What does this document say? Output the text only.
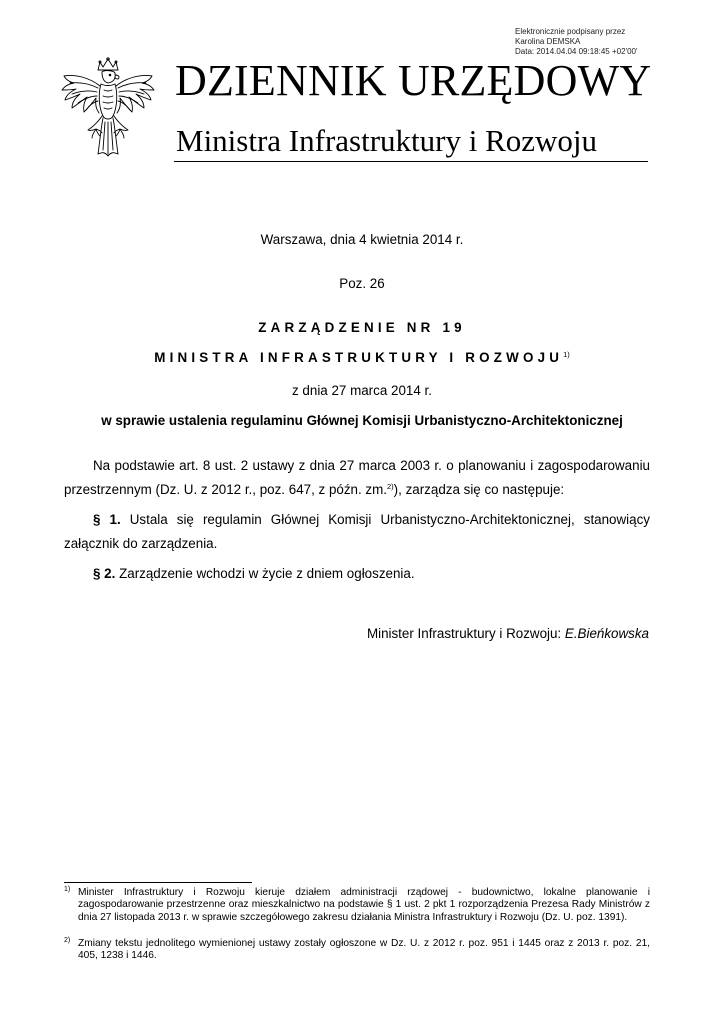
Elektronicznie podpisany przez
Karolina DEMSKA
Data: 2014.04.04 09:18:45 +02'00'
DZIENNIK URZĘDOWY
Ministra Infrastruktury i Rozwoju
Warszawa, dnia 4 kwietnia 2014 r.
Poz. 26
ZARZĄDZENIE NR 19
MINISTRA INFRASTRUKTURY I ROZWOJU$^{1)}$
z dnia 27 marca 2014 r.
w sprawie ustalenia regulaminu Głównej Komisji Urbanistyczno-Architektonicznej
Na podstawie art. 8 ust. 2 ustawy z dnia 27 marca 2003 r. o planowaniu i zagospodarowaniu przestrzennym (Dz. U. z 2012 r., poz. 647, z późn. zm.$^{2)}$), zarządza się co następuje:
§ 1. Ustala się regulamin Głównej Komisji Urbanistyczno-Architektonicznej, stanowiący załącznik do zarządzenia.
§ 2. Zarządzenie wchodzi w życie z dniem ogłoszenia.
Minister Infrastruktury i Rozwoju: E.Bieńkowska
1) Minister Infrastruktury i Rozwoju kieruje działem administracji rządowej - budownictwo, lokalne planowanie i zagospodarowanie przestrzenne oraz mieszkalnictwo na podstawie § 1 ust. 2 pkt 1 rozporządzenia Prezesa Rady Ministrów z dnia 27 listopada 2013 r. w sprawie szczegółowego zakresu działania Ministra Infrastruktury i Rozwoju (Dz. U. poz. 1391).
2) Zmiany tekstu jednolitego wymienionej ustawy zostały ogłoszone w Dz. U. z 2012 r. poz. 951 i 1445 oraz z 2013 r. poz. 21, 405, 1238 i 1446.
